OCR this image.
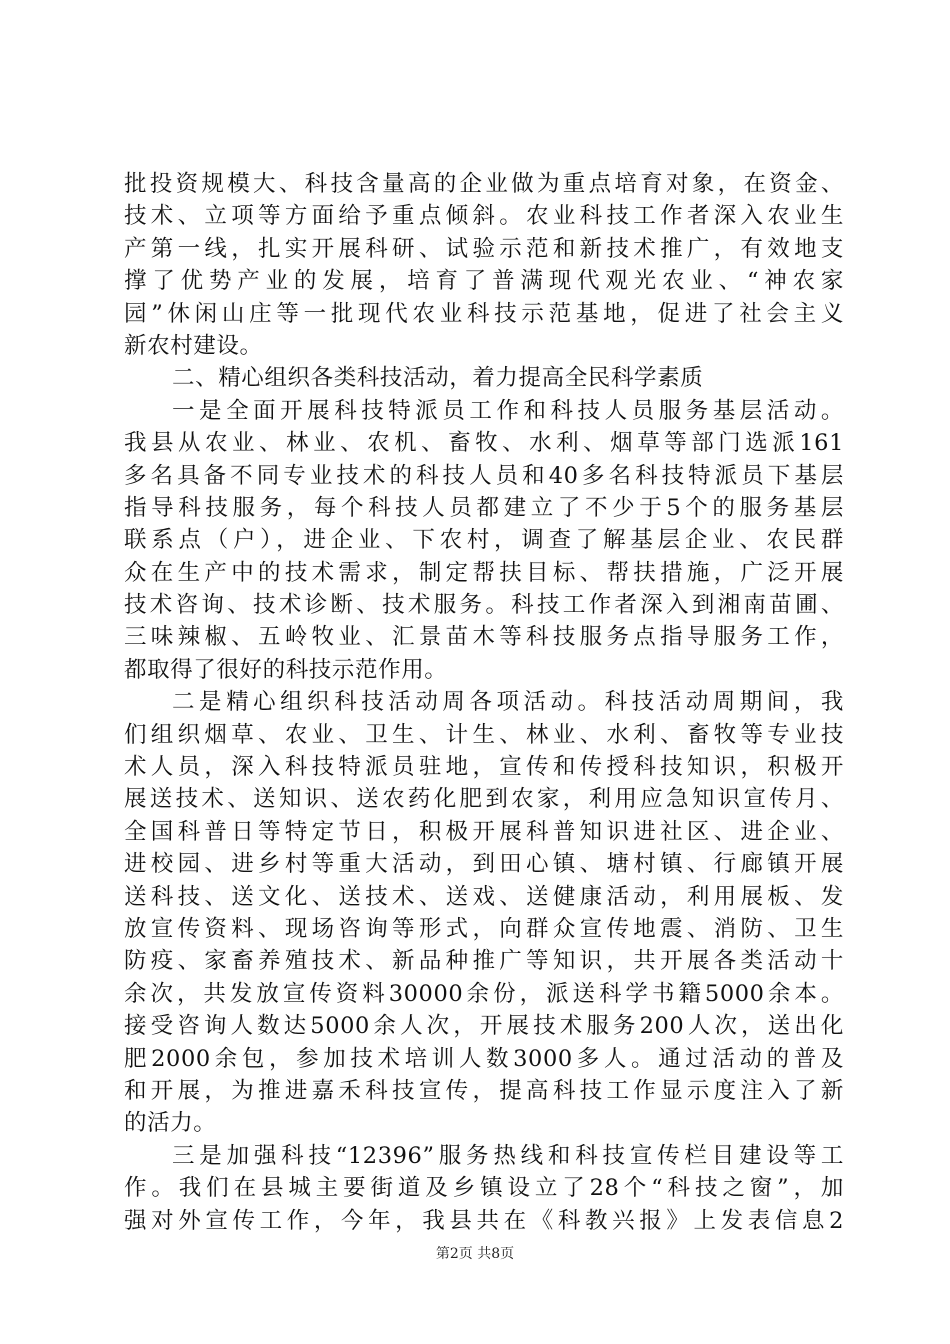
批投资规模大、科技含量高的企业做为重点培育对象，在资金、
技术、立项等方面给予重点倾斜。农业科技工作者深入农业生
产第一线，扎实开展科研、试验示范和新技术推广，有效地支
撑了优势产业的发展，培育了普满现代观光农业、“神农家
园”休闲山庄等一批现代农业科技示范基地，促进了社会主义
新农村建设。
二、精心组织各类科技活动，着力提高全民科学素质
一是全面开展科技特派员工作和科技人员服务基层活动。
我县从农业、林业、农机、畜牧、水利、烟草等部门选派161
多名具备不同专业技术的科技人员和40多名科技特派员下基层
指导科技服务，每个科技人员都建立了不少于5个的服务基层
联系点（户），进企业、下农村，调查了解基层企业、农民群
众在生产中的技术需求，制定帮扶目标、帮扶措施，广泛开展
技术咨询、技术诊断、技术服务。科技工作者深入到湘南苗圃、
三味辣椒、五岭牧业、汇景苗木等科技服务点指导服务工作，
都取得了很好的科技示范作用。
二是精心组织科技活动周各项活动。科技活动周期间，我
们组织烟草、农业、卫生、计生、林业、水利、畜牧等专业技
术人员，深入科技特派员驻地，宣传和传授科技知识，积极开
展送技术、送知识、送农药化肥到农家，利用应急知识宣传月、
全国科普日等特定节日，积极开展科普知识进社区、进企业、
进校园、进乡村等重大活动，到田心镇、塘村镇、行廊镇开展
送科技、送文化、送技术、送戏、送健康活动，利用展板、发
放宣传资料、现场咨询等形式，向群众宣传地震、消防、卫生
防疫、家畜养殖技术、新品种推广等知识，共开展各类活动十
余次，共发放宣传资料30000余份，派送科学书籍5000余本。
接受咨询人数达5000余人次，开展技术服务200人次，送出化
肥2000余包，参加技术培训人数3000多人。通过活动的普及
和开展，为推进嘉禾科技宣传，提高科技工作显示度注入了新
的活力。
三是加强科技“12396”服务热线和科技宣传栏目建设等工
作。我们在县城主要街道及乡镇设立了28个“科技之窗”，加
强对外宣传工作，今年，我县共在《科教兴报》上发表信息2
第2页 共8页
